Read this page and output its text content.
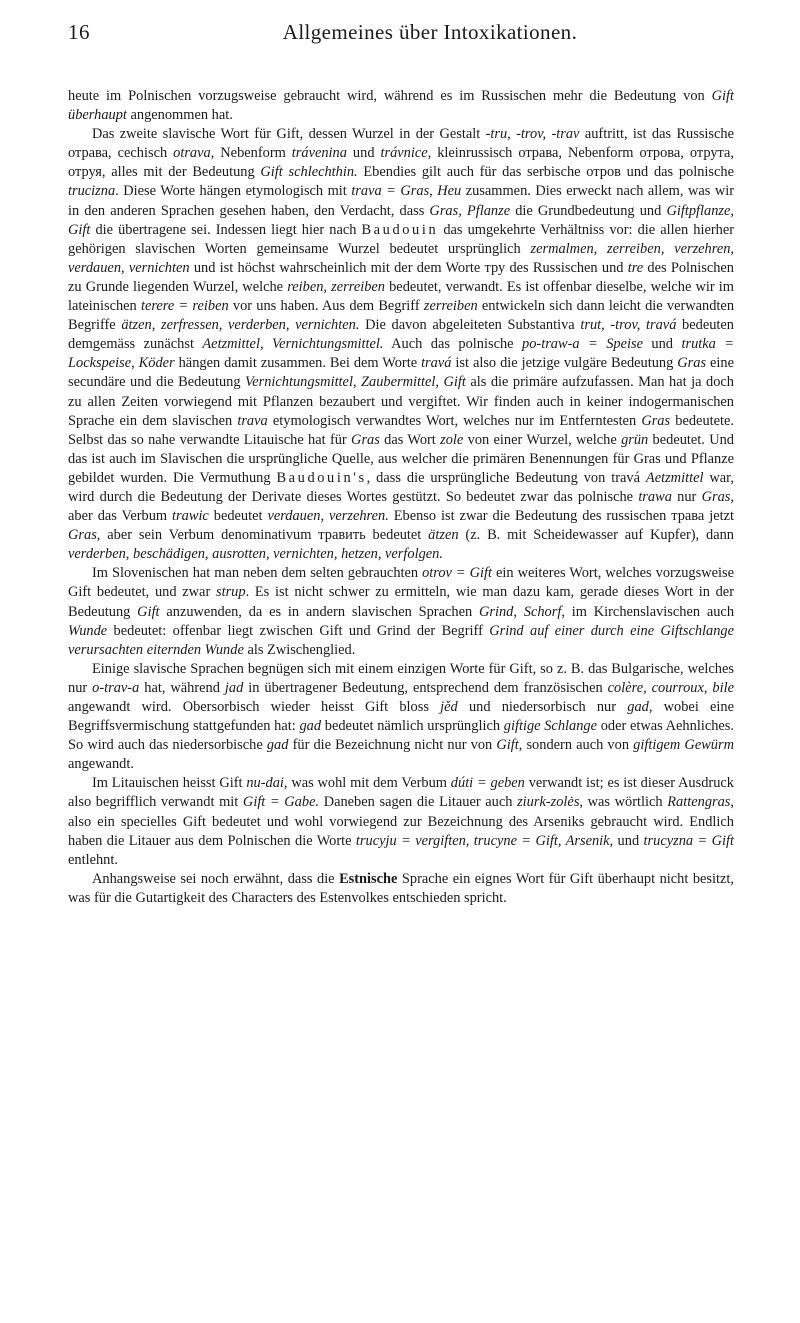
16	Allgemeines über Intoxikationen.

heute im Polnischen vorzugsweise gebraucht wird, während es im Russischen mehr die Bedeutung von Gift überhaupt angenommen hat.

Das zweite slavische Wort für Gift, dessen Wurzel in der Gestalt -tru, -trov, -trav auftritt, ist das Russische отрава, cechisch otrava, Nebenform trávenina und trávnice, kleinrussisch отрава, Nebenform отрова, отрута, отруя, alles mit der Bedeutung Gift schlechthin. Ebendies gilt auch für das serbische отров und das polnische trucizna. Diese Worte hängen etymologisch mit trava = Gras, Heu zusammen. Dies erweckt nach allem, was wir in den anderen Sprachen gesehen haben, den Verdacht, dass Gras, Pflanze die Grundbedeutung und Giftpflanze, Gift die übertragene sei. Indessen liegt hier nach Baudouin das umgekehrte Verhältniss vor: die allen hierher gehörigen slavischen Worten gemeinsame Wurzel bedeutet ursprünglich zermalmen, zerreiben, verzehren, verdauen, vernichten und ist höchst wahrscheinlich mit der dem Worte тру des Russischen und tre des Polnischen zu Grunde liegenden Wurzel, welche reiben, zerreiben bedeutet, verwandt. Es ist offenbar dieselbe, welche wir im lateinischen terere = reiben vor uns haben. Aus dem Begriff zerreiben entwickeln sich dann leicht die verwandten Begriffe ätzen, zerfressen, verderben, vernichten. Die davon abgeleiteten Substantiva trut, -trov, travá bedeuten demgemäss zunächst Aetzmittel, Vernichtungsmittel. Auch das polnische po-traw-a = Speise und trutka = Lockspeise, Köder hängen damit zusammen. Bei dem Worte travá ist also die jetzige vulgäre Bedeutung Gras eine secundäre und die Bedeutung Vernichtungsmittel, Zaubermittel, Gift als die primäre aufzufassen. Man hat ja doch zu allen Zeiten vorwiegend mit Pflanzen bezaubert und vergiftet. Wir finden auch in keiner indogermanischen Sprache ein dem slavischen trava etymologisch verwandtes Wort, welches nur im Entferntesten Gras bedeutete. Selbst das so nahe verwandte Litauische hat für Gras das Wort zole von einer Wurzel, welche grün bedeutet. Und das ist auch im Slavischen die ursprüngliche Quelle, aus welcher die primären Benennungen für Gras und Pflanze gebildet wurden. Die Vermuthung Baudouin's, dass die ursprüngliche Bedeutung von travá Aetzmittel war, wird durch die Bedeutung der Derivate dieses Wortes gestützt. So bedeutet zwar das polnische trawa nur Gras, aber das Verbum trawic bedeutet verdauen, verzehren. Ebenso ist zwar die Bedeutung des russischen трава jetzt Gras, aber sein Verbum denominativum травить bedeutet ätzen (z. B. mit Scheidewasser auf Kupfer), dann verderben, beschädigen, ausrotten, vernichten, hetzen, verfolgen.

Im Slovenischen hat man neben dem selten gebrauchten otrov = Gift ein weiteres Wort, welches vorzugsweise Gift bedeutet, und zwar strup. Es ist nicht schwer zu ermitteln, wie man dazu kam, gerade dieses Wort in der Bedeutung Gift anzuwenden, da es in andern slavischen Sprachen Grind, Schorf, im Kirchenslavischen auch Wunde bedeutet: offenbar liegt zwischen Gift und Grind der Begriff Grind auf einer durch eine Giftschlange verursachten eiternden Wunde als Zwischenglied.

Einige slavische Sprachen begnügen sich mit einem einzigen Worte für Gift, so z. B. das Bulgarische, welches nur o-trav-a hat, während jad in übertragener Bedeutung, entsprechend dem französischen colère, courroux, bile angewandt wird. Obersorbisch wieder heisst Gift bloss jěd und niedersorbisch nur gad, wobei eine Begriffsvermischung stattgefunden hat: gad bedeutet nämlich ursprünglich giftige Schlange oder etwas Aehnliches. So wird auch das niedersorbische gad für die Bezeichnung nicht nur von Gift, sondern auch von giftigem Gewürm angewandt.

Im Litauischen heisst Gift nu-dai, was wohl mit dem Verbum dúti = geben verwandt ist; es ist dieser Ausdruck also begrifflich verwandt mit Gift = Gabe. Daneben sagen die Litauer auch ziurk-zolės, was wörtlich Rattengras, also ein specielles Gift bedeutet und wohl vorwiegend zur Bezeichnung des Arseniks gebraucht wird. Endlich haben die Litauer aus dem Polnischen die Worte trucyju = vergiften, trucyne = Gift, Arsenik, und trucyzna = Gift entlehnt.

Anhangsweise sei noch erwähnt, dass die Estnische Sprache ein eignes Wort für Gift überhaupt nicht besitzt, was für die Gutartigkeit des Characters des Estenvolkes entschieden spricht.
